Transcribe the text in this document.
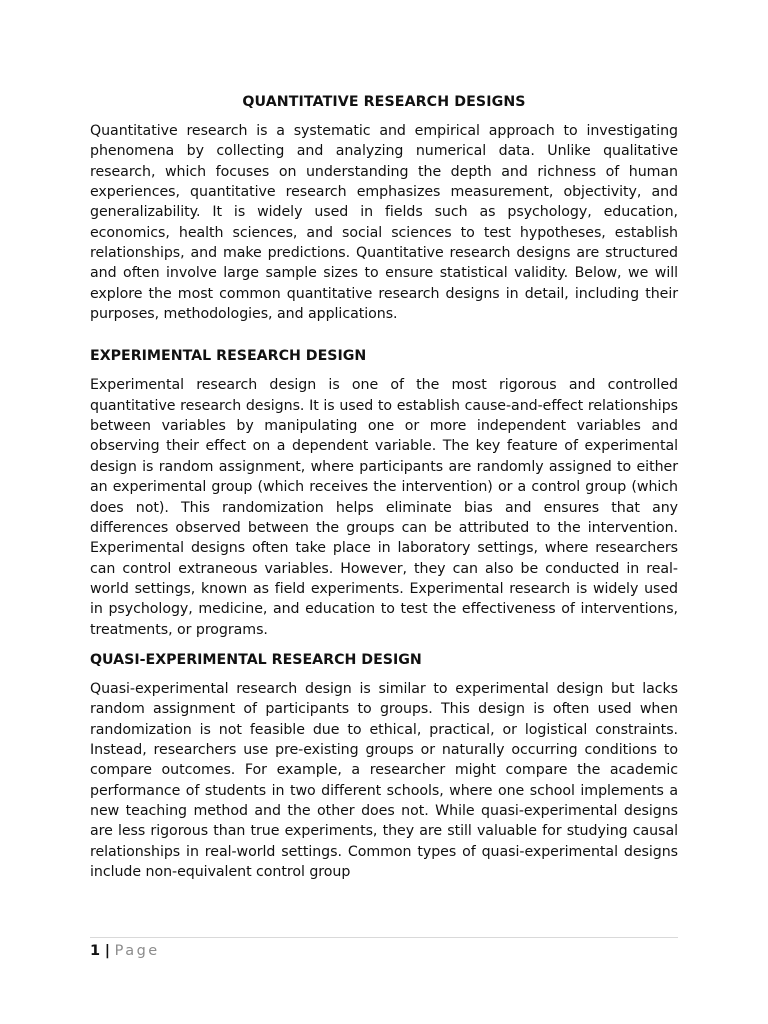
QUANTITATIVE RESEARCH DESIGNS

Quantitative research is a systematic and empirical approach to investigating phenomena by collecting and analyzing numerical data. Unlike qualitative research, which focuses on understanding the depth and richness of human experiences, quantitative research emphasizes measurement, objectivity, and generalizability. It is widely used in fields such as psychology, education, economics, health sciences, and social sciences to test hypotheses, establish relationships, and make predictions. Quantitative research designs are structured and often involve large sample sizes to ensure statistical validity. Below, we will explore the most common quantitative research designs in detail, including their purposes, methodologies, and applications.

EXPERIMENTAL RESEARCH DESIGN

Experimental research design is one of the most rigorous and controlled quantitative research designs. It is used to establish cause-and-effect relationships between variables by manipulating one or more independent variables and observing their effect on a dependent variable. The key feature of experimental design is random assignment, where participants are randomly assigned to either an experimental group (which receives the intervention) or a control group (which does not). This randomization helps eliminate bias and ensures that any differences observed between the groups can be attributed to the intervention. Experimental designs often take place in laboratory settings, where researchers can control extraneous variables. However, they can also be conducted in real-world settings, known as field experiments. Experimental research is widely used in psychology, medicine, and education to test the effectiveness of interventions, treatments, or programs.

QUASI-EXPERIMENTAL RESEARCH DESIGN

Quasi-experimental research design is similar to experimental design but lacks random assignment of participants to groups. This design is often used when randomization is not feasible due to ethical, practical, or logistical constraints. Instead, researchers use pre-existing groups or naturally occurring conditions to compare outcomes. For example, a researcher might compare the academic performance of students in two different schools, where one school implements a new teaching method and the other does not. While quasi-experimental designs are less rigorous than true experiments, they are still valuable for studying causal relationships in real-world settings. Common types of quasi-experimental designs include non-equivalent control group

1 | Page
